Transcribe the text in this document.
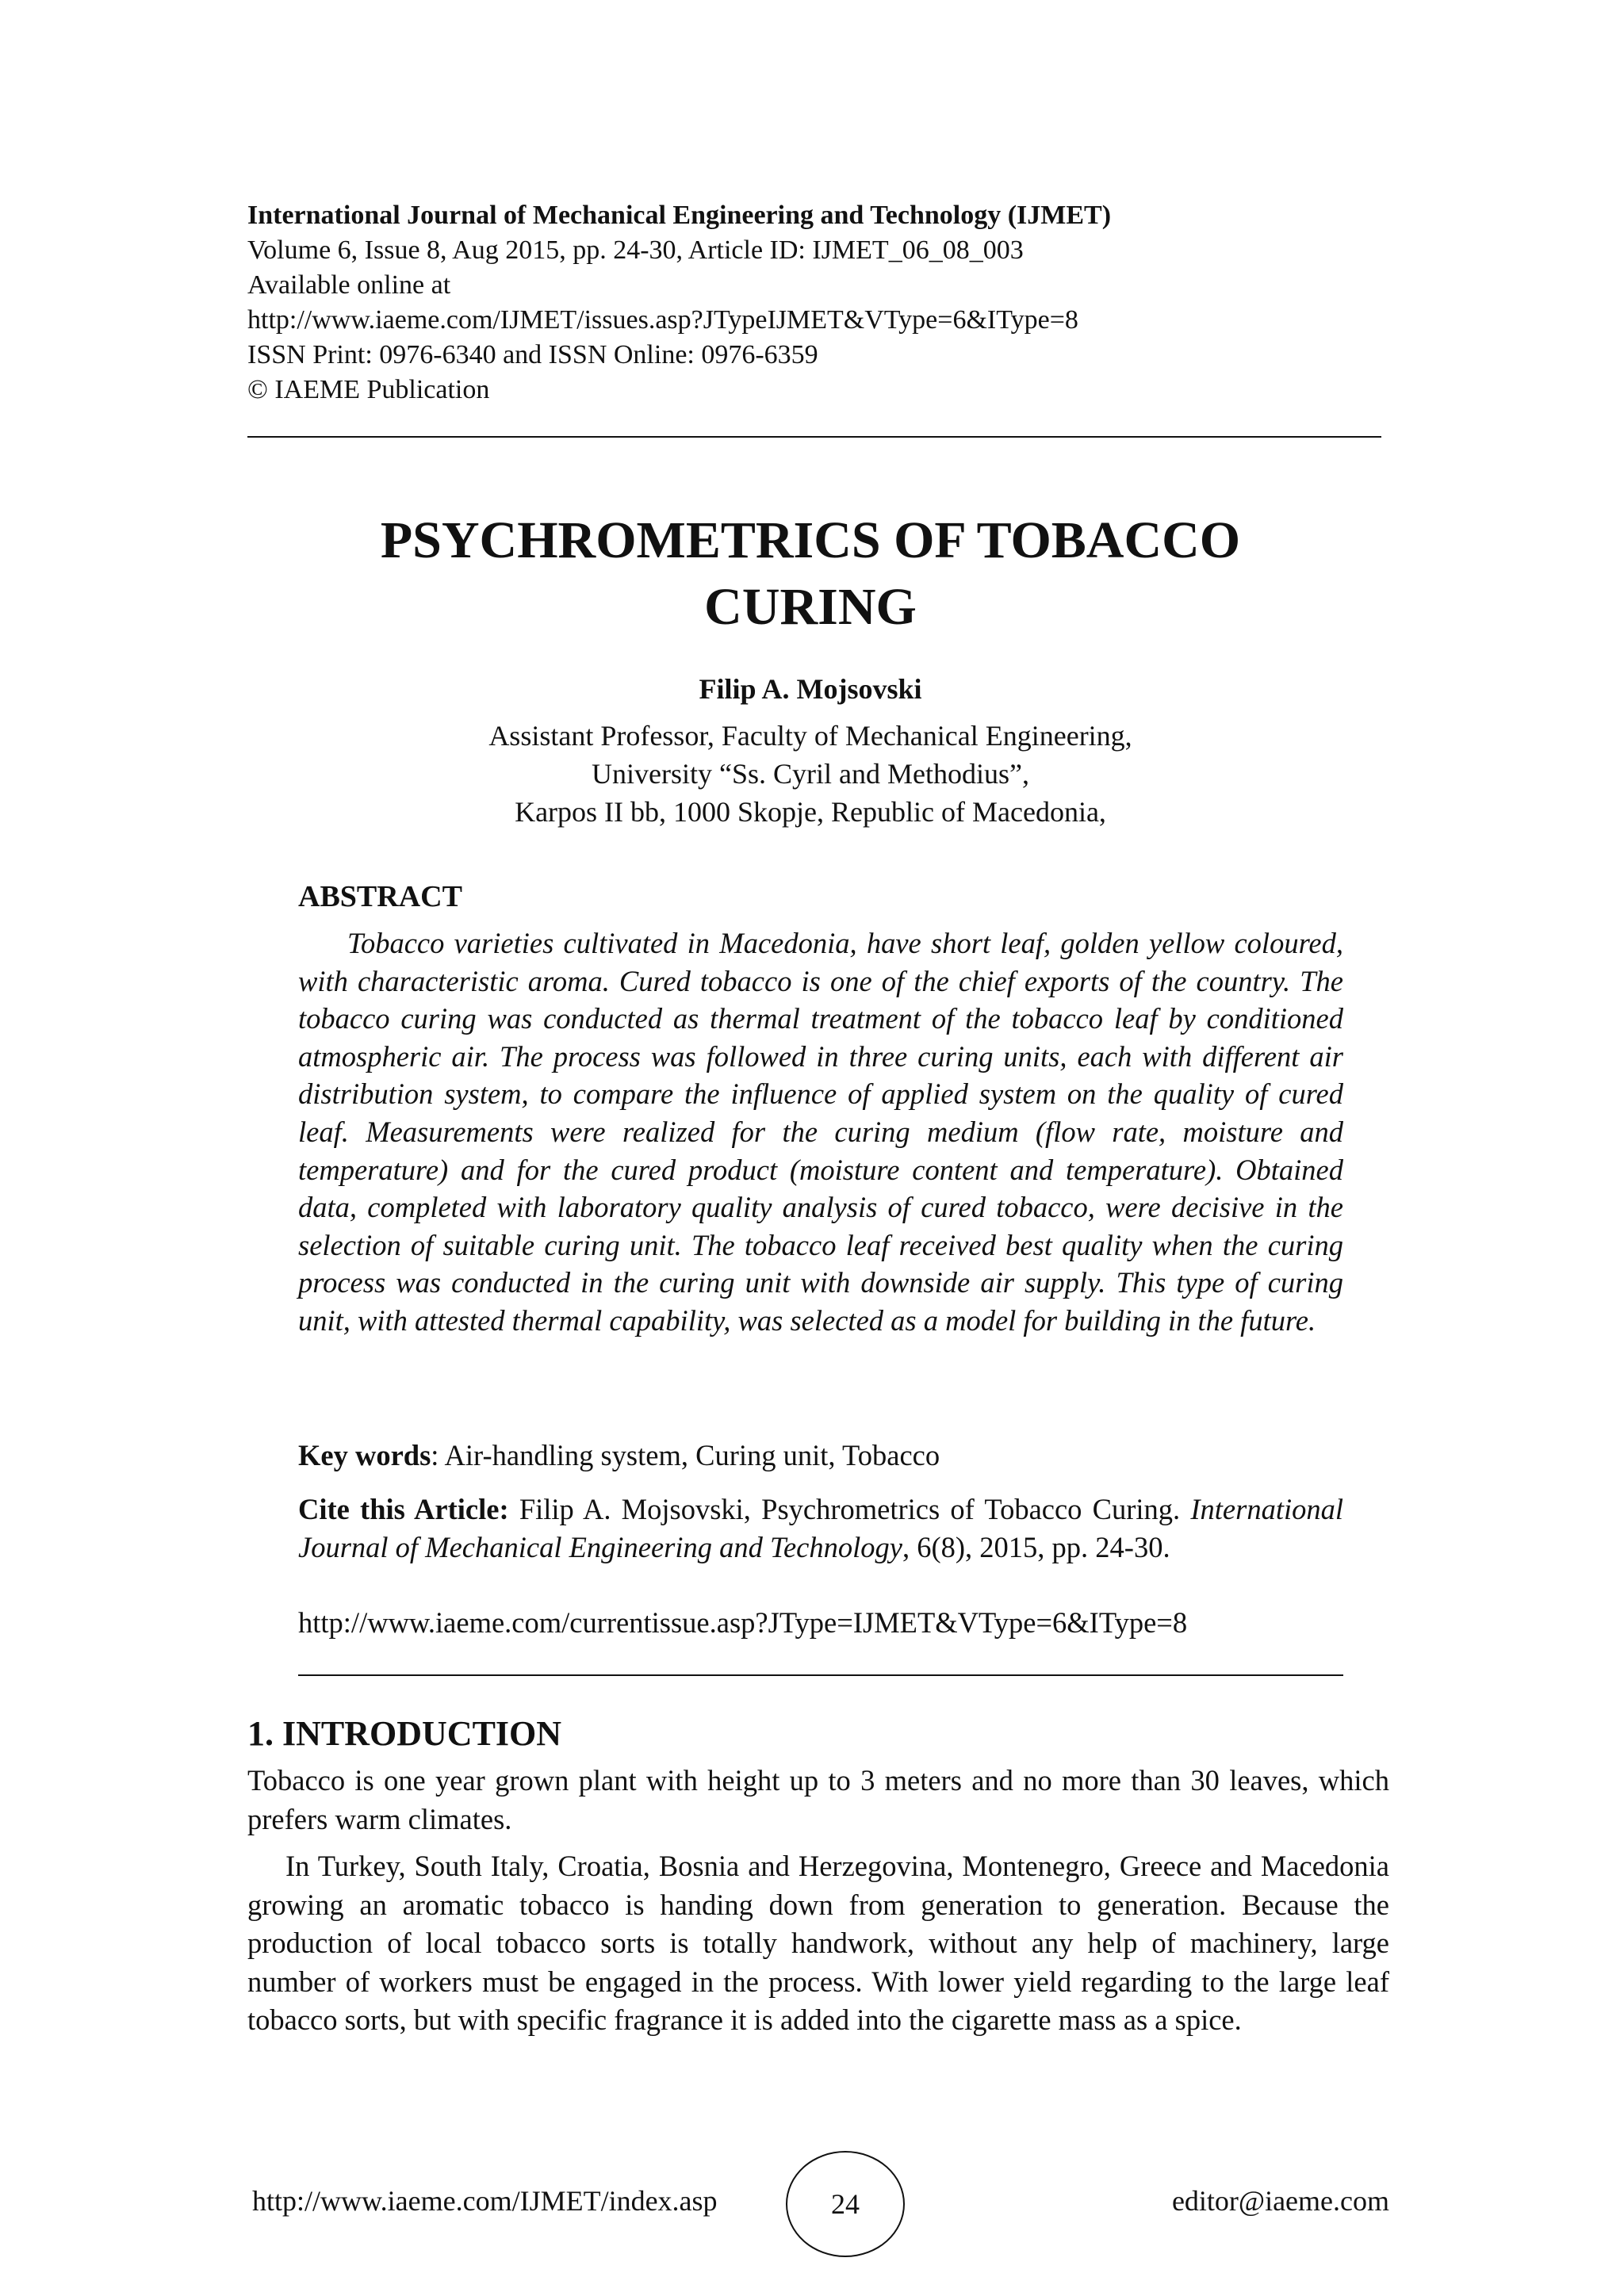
International Journal of Mechanical Engineering and Technology (IJMET)
Volume 6, Issue 8, Aug 2015, pp. 24-30, Article ID: IJMET_06_08_003
Available online at
http://www.iaeme.com/IJMET/issues.asp?JTypeIJMET&VType=6&IType=8
ISSN Print: 0976-6340 and ISSN Online: 0976-6359
© IAEME Publication
PSYCHROMETRICS OF TOBACCO
CURING
Filip A. Mojsovski
Assistant Professor, Faculty of Mechanical Engineering,
University “Ss. Cyril and Methodius”,
Karpos II bb, 1000 Skopje, Republic of Macedonia,
ABSTRACT

Tobacco varieties cultivated in Macedonia, have short leaf, golden yellow coloured, with characteristic aroma. Cured tobacco is one of the chief exports of the country. The tobacco curing was conducted as thermal treatment of the tobacco leaf by conditioned atmospheric air. The process was followed in three curing units, each with different air distribution system, to compare the influence of applied system on the quality of cured leaf. Measurements were realized for the curing medium (flow rate, moisture and temperature) and for the cured product (moisture content and temperature). Obtained data, completed with laboratory quality analysis of cured tobacco, were decisive in the selection of suitable curing unit. The tobacco leaf received best quality when the curing process was conducted in the curing unit with downside air supply. This type of curing unit, with attested thermal capability, was selected as a model for building in the future.

Key words: Air-handling system, Curing unit, Tobacco

Cite this Article: Filip A. Mojsovski, Psychrometrics of Tobacco Curing. International Journal of Mechanical Engineering and Technology, 6(8), 2015, pp. 24-30.

http://www.iaeme.com/currentissue.asp?JType=IJMET&VType=6&IType=8
1. INTRODUCTION

Tobacco is one year grown plant with height up to 3 meters and no more than 30 leaves, which prefers warm climates.

In Turkey, South Italy, Croatia, Bosnia and Herzegovina, Montenegro, Greece and Macedonia growing an aromatic tobacco is handing down from generation to generation. Because the production of local tobacco sorts is totally handwork, without any help of machinery, large number of workers must be engaged in the process. With lower yield regarding to the large leaf tobacco sorts, but with specific fragrance it is added into the cigarette mass as a spice.

http://www.iaeme.com/IJMET/index.asp	24	editor@iaeme.com
